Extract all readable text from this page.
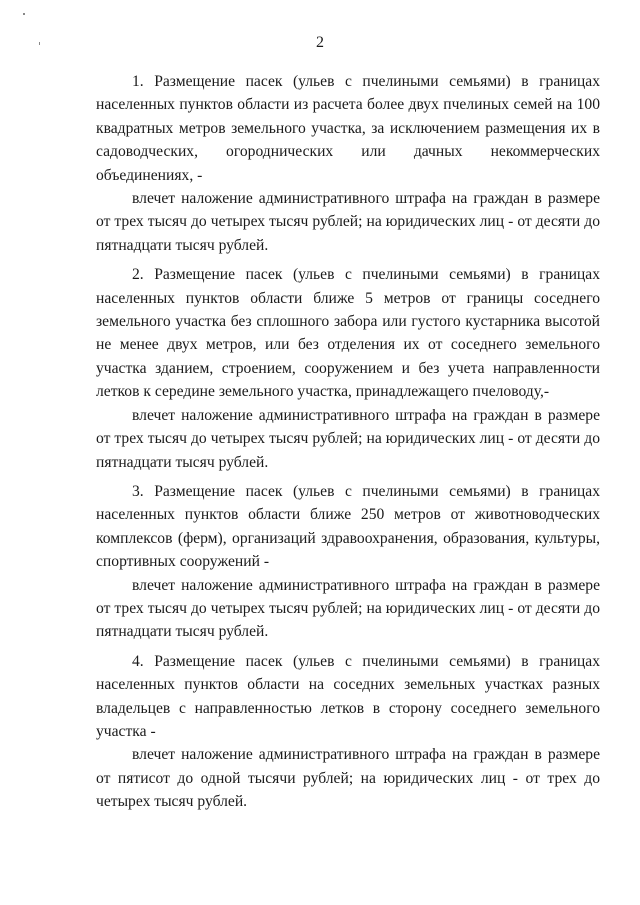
2

1. Размещение пасек (ульев с пчелиными семьями) в границах населенных пунктов области из расчета более двух пчелиных семей на 100 квадратных метров земельного участка, за исключением размещения их в садоводческих, огороднических или дачных некоммерческих объединениях, -

влечет наложение административного штрафа на граждан в размере от трех тысяч до четырех тысяч рублей; на юридических лиц - от десяти до пятнадцати тысяч рублей.

2. Размещение пасек (ульев с пчелиными семьями) в границах населенных пунктов области ближе 5 метров от границы соседнего земельного участка без сплошного забора или густого кустарника высотой не менее двух метров, или без отделения их от соседнего земельного участка зданием, строением, сооружением и без учета направленности летков к середине земельного участка, принадлежащего пчеловоду,-

влечет наложение административного штрафа на граждан в размере от трех тысяч до четырех тысяч рублей; на юридических лиц - от десяти до пятнадцати тысяч рублей.

3. Размещение пасек (ульев с пчелиными семьями) в границах населенных пунктов области ближе 250 метров от животноводческих комплексов (ферм), организаций здравоохранения, образования, культуры, спортивных сооружений -

влечет наложение административного штрафа на граждан в размере от трех тысяч до четырех тысяч рублей; на юридических лиц - от десяти до пятнадцати тысяч рублей.

4. Размещение пасек (ульев с пчелиными семьями) в границах населенных пунктов области на соседних земельных участках разных владельцев с направленностью летков в сторону соседнего земельного участка -

влечет наложение административного штрафа на граждан в размере от пятисот до одной тысячи рублей; на юридических лиц - от трех до четырех тысяч рублей.
